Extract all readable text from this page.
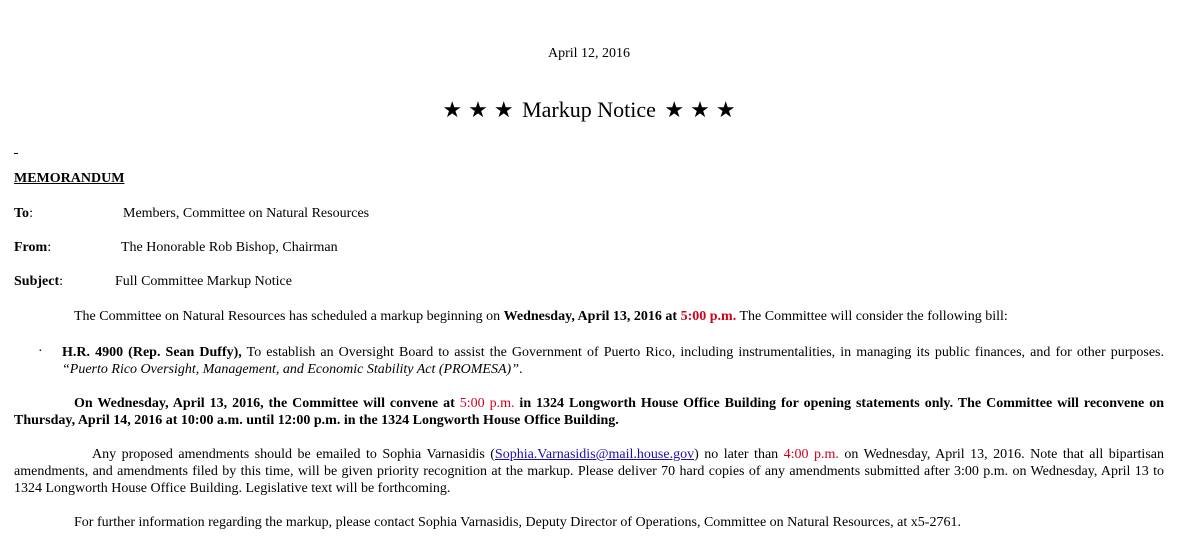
April 12, 2016
★ ★ ★ Markup Notice ★ ★ ★
MEMORANDUM
To:	Members, Committee on Natural Resources
From:	The Honorable Rob Bishop, Chairman
Subject:	Full Committee Markup Notice
The Committee on Natural Resources has scheduled a markup beginning on Wednesday, April 13, 2016 at 5:00 p.m. The Committee will consider the following bill:
· H.R. 4900 (Rep. Sean Duffy), To establish an Oversight Board to assist the Government of Puerto Rico, including instrumentalities, in managing its public finances, and for other purposes. “Puerto Rico Oversight, Management, and Economic Stability Act (PROMESA)”.
On Wednesday, April 13, 2016, the Committee will convene at 5:00 p.m. in 1324 Longworth House Office Building for opening statements only. The Committee will reconvene on Thursday, April 14, 2016 at 10:00 a.m. until 12:00 p.m. in the 1324 Longworth House Office Building.
Any proposed amendments should be emailed to Sophia Varnasidis (Sophia.Varnasidis@mail.house.gov) no later than 4:00 p.m. on Wednesday, April 13, 2016. Note that all bipartisan amendments, and amendments filed by this time, will be given priority recognition at the markup. Please deliver 70 hard copies of any amendments submitted after 3:00 p.m. on Wednesday, April 13 to 1324 Longworth House Office Building. Legislative text will be forthcoming.
For further information regarding the markup, please contact Sophia Varnasidis, Deputy Director of Operations, Committee on Natural Resources, at x5-2761.
